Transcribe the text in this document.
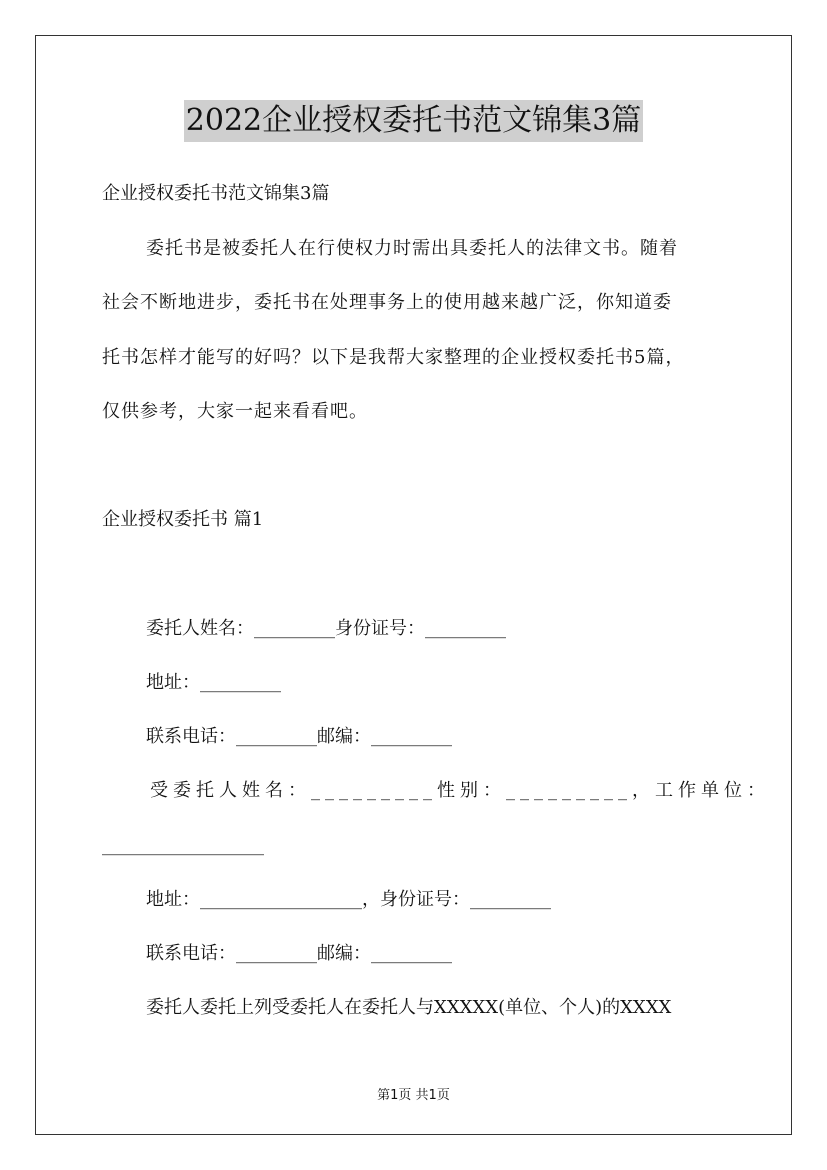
2022企业授权委托书范文锦集3篇
企业授权委托书范文锦集3篇
委托书是被委托人在行使权力时需出具委托人的法律文书。随着
社会不断地进步，委托书在处理事务上的使用越来越广泛，你知道委
托书怎样才能写的好吗？以下是我帮大家整理的企业授权委托书5篇，
仅供参考，大家一起来看看吧。
企业授权委托书 篇1
委托人姓名：_________身份证号：_________
地址：_________
联系电话：_________邮编：_________
受委托人姓名：_________性别：_________，工作单位：
__________________
地址：__________________，身份证号：_________
联系电话：_________邮编：_________
委托人委托上列受委托人在委托人与XXXXX(单位、个人)的XXXX
第1页 共1页
